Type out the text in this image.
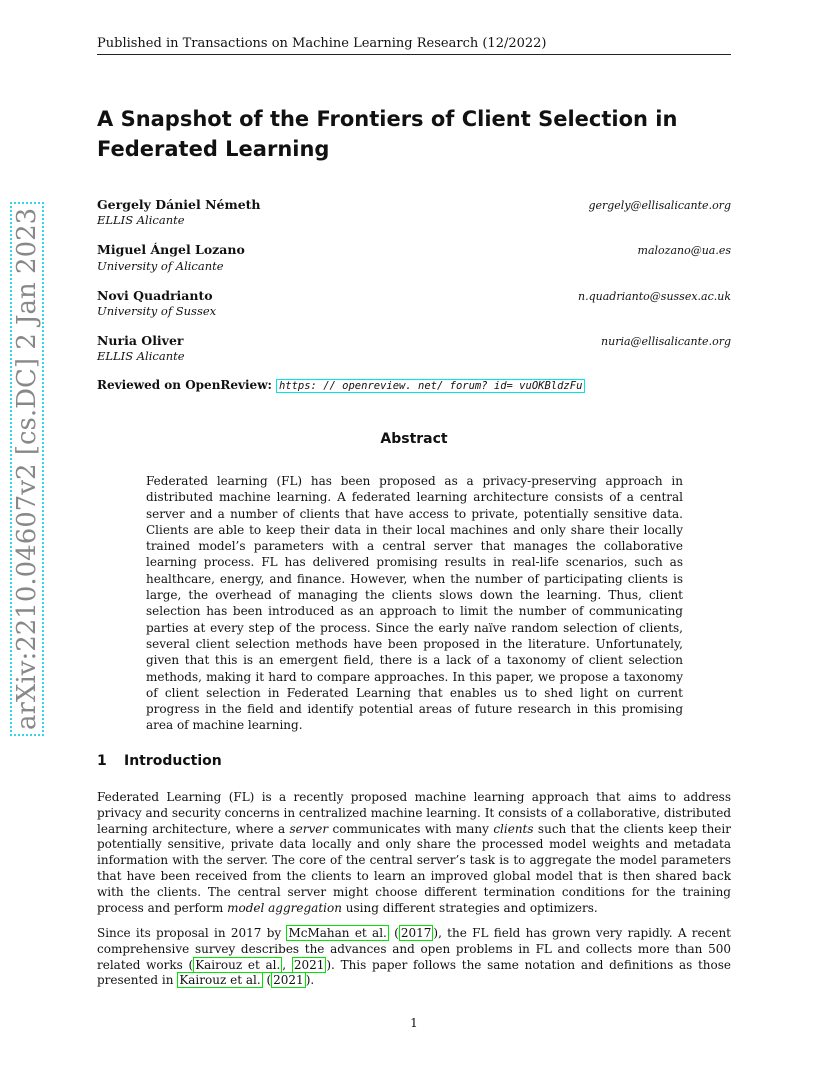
arXiv:2210.04607v2 [cs.DC] 2 Jan 2023
Published in Transactions on Machine Learning Research (12/2022)
A Snapshot of the Frontiers of Client Selection in Federated Learning
Gergely Dániel Németh
ELLIS Alicante
gergely@ellisalicante.org
Miguel Ángel Lozano
University of Alicante
malozano@ua.es
Novi Quadrianto
University of Sussex
n.quadrianto@sussex.ac.uk
Nuria Oliver
ELLIS Alicante
nuria@ellisalicante.org
Reviewed on OpenReview: https: // openreview. net/ forum? id= vuOKBldzFu
Abstract
Federated learning (FL) has been proposed as a privacy-preserving approach in distributed machine learning. A federated learning architecture consists of a central server and a number of clients that have access to private, potentially sensitive data. Clients are able to keep their data in their local machines and only share their locally trained model’s parameters with a central server that manages the collaborative learning process. FL has delivered promising results in real-life scenarios, such as healthcare, energy, and finance. However, when the number of participating clients is large, the overhead of managing the clients slows down the learning. Thus, client selection has been introduced as an approach to limit the number of communicating parties at every step of the process. Since the early naïve random selection of clients, several client selection methods have been proposed in the literature. Unfortunately, given that this is an emergent field, there is a lack of a taxonomy of client selection methods, making it hard to compare approaches. In this paper, we propose a taxonomy of client selection in Federated Learning that enables us to shed light on current progress in the field and identify potential areas of future research in this promising area of machine learning.
1 Introduction
Federated Learning (FL) is a recently proposed machine learning approach that aims to address privacy and security concerns in centralized machine learning. It consists of a collaborative, distributed learning architecture, where a server communicates with many clients such that the clients keep their potentially sensitive, private data locally and only share the processed model weights and metadata information with the server. The core of the central server’s task is to aggregate the model parameters that have been received from the clients to learn an improved global model that is then shared back with the clients. The central server might choose different termination conditions for the training process and perform model aggregation using different strategies and optimizers.
Since its proposal in 2017 by McMahan et al. ( 2017 ), the FL field has grown very rapidly. A recent comprehensive survey describes the advances and open problems in FL and collects more than 500 related works ( Kairouz et al. , 2021 ). This paper follows the same notation and definitions as those presented in Kairouz et al. ( 2021 ).
1
